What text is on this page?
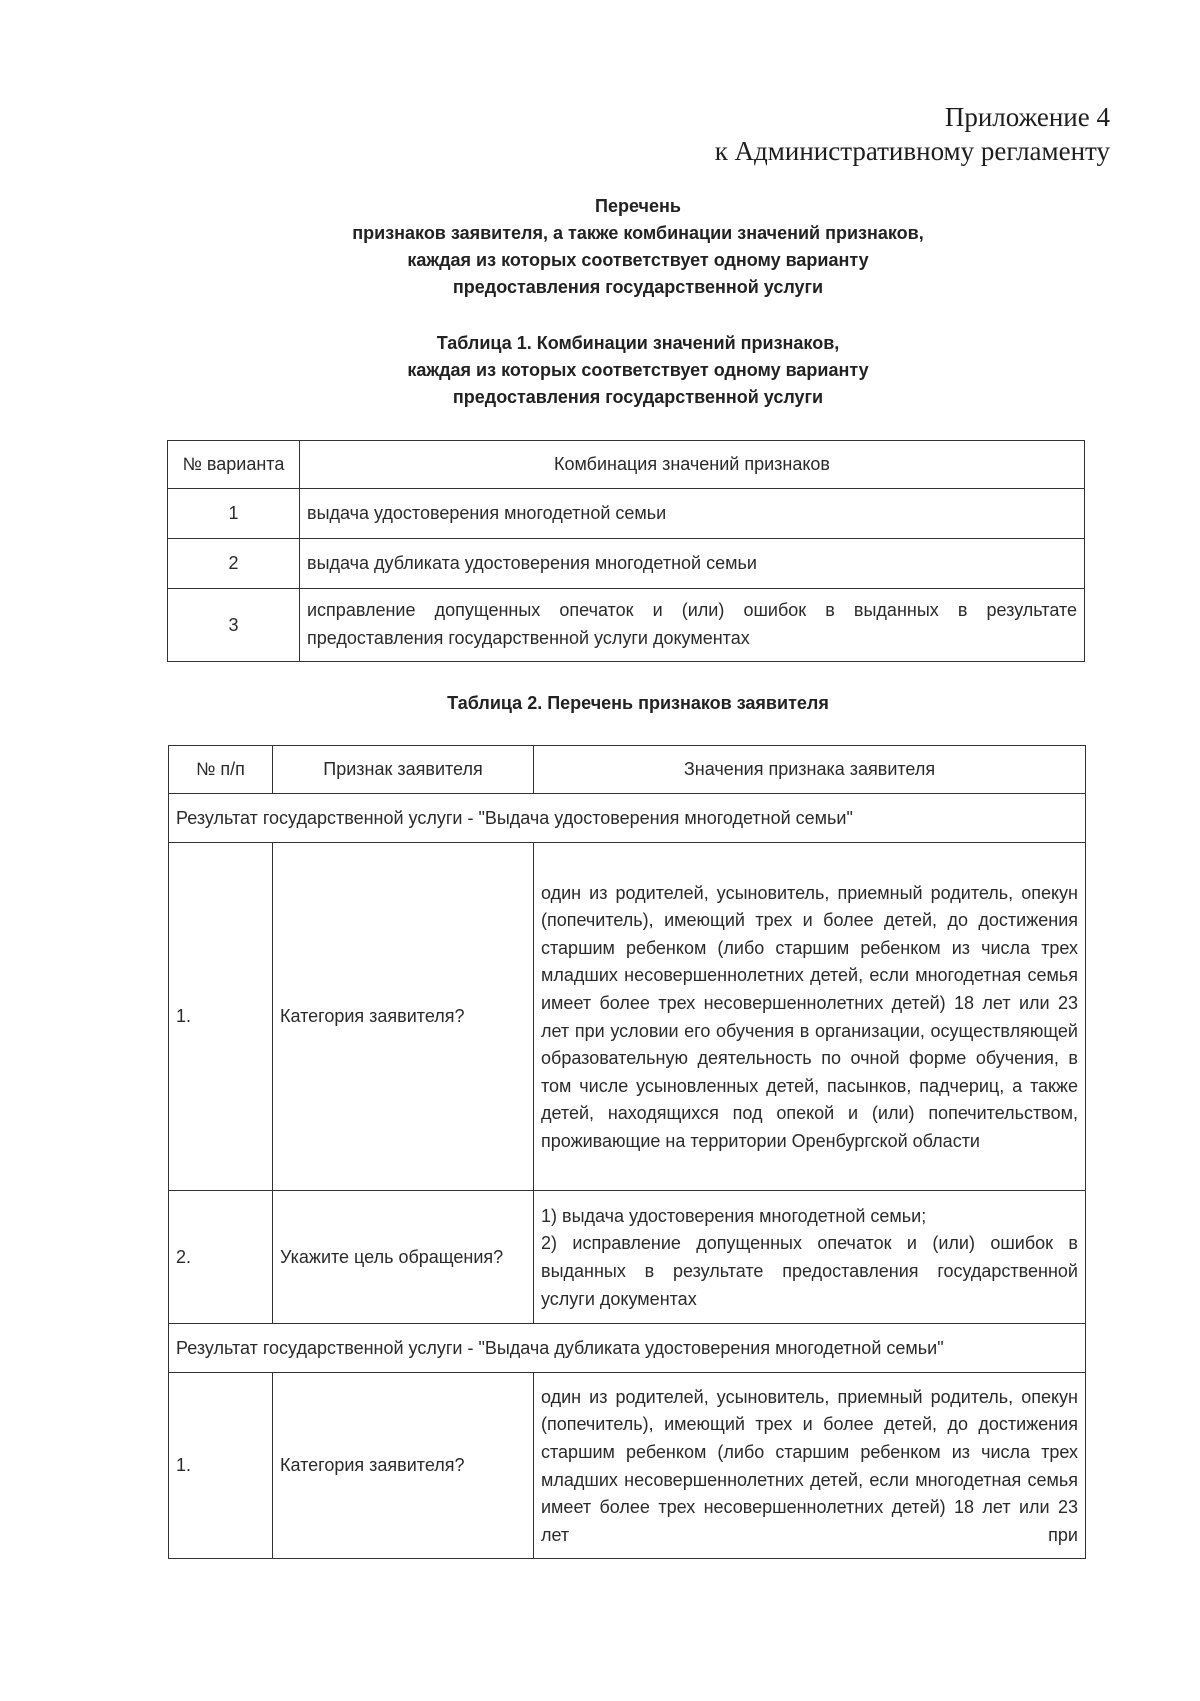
Приложение 4
к Административному регламенту
Перечень
признаков заявителя, а также комбинации значений признаков,
каждая из которых соответствует одному варианту
предоставления государственной услуги
Таблица 1. Комбинации значений признаков,
каждая из которых соответствует одному варианту
предоставления государственной услуги
№ варианта	Комбинация значений признаков
1	выдача удостоверения многодетной семьи
2	выдача дубликата удостоверения многодетной семьи
3	исправление допущенных опечаток и (или) ошибок в выданных в результате предоставления государственной услуги документах
Таблица 2. Перечень признаков заявителя
№ п/п	Признак заявителя	Значения признака заявителя
Результат государственной услуги - "Выдача удостоверения многодетной семьи"		
1.	Категория заявителя?	один из родителей, усыновитель, приемный родитель, опекун (попечитель), имеющий трех и более детей, до достижения старшим ребенком (либо старшим ребенком из числа трех младших несовершеннолетних детей, если многодетная семья имеет более трех несовершеннолетних детей) 18 лет или 23 лет при условии его обучения в организации, осуществляющей образовательную деятельность по очной форме обучения, в том числе усыновленных детей, пасынков, падчериц, а также детей, находящихся под опекой и (или) попечительством, проживающие на территории Оренбургской области
2.	Укажите цель обращения?	1) выдача удостоверения многодетной семьи;
2) исправление допущенных опечаток и (или) ошибок в выданных в результате предоставления государственной услуги документах

Результат государственной услуги - "Выдача дубликата удостоверения многодетной семьи"		
1.	Категория заявителя?	один из родителей, усыновитель, приемный родитель, опекун (попечитель), имеющий трех и более детей, до достижения старшим ребенком (либо старшим ребенком из числа трех младших несовершеннолетних детей, если многодетная семья имеет более трех несовершеннолетних детей) 18 лет или 23 лет при
